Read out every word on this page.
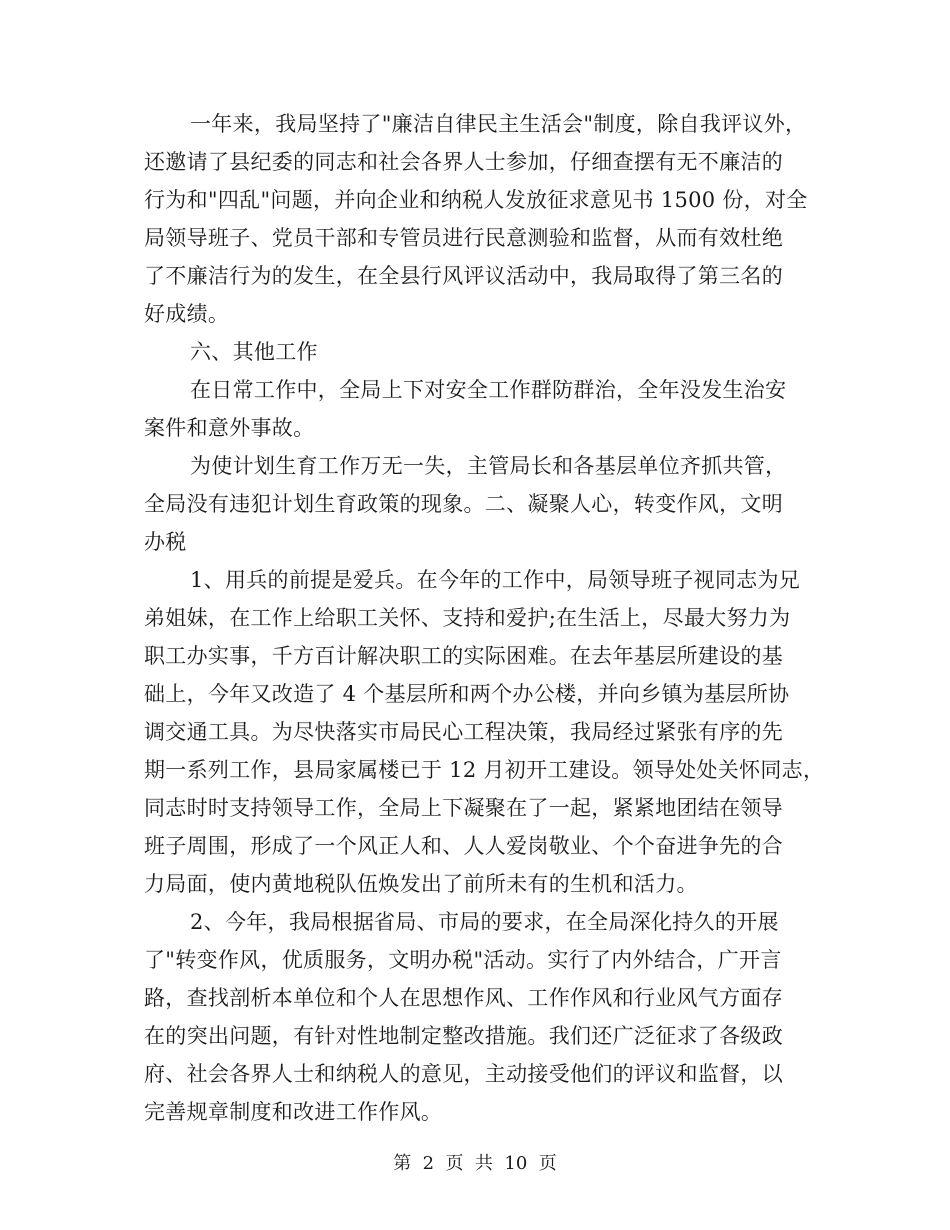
一年来，我局坚持了"廉洁自律民主生活会"制度，除自我评议外，
还邀请了县纪委的同志和社会各界人士参加，仔细查摆有无不廉洁的
行为和"四乱"问题，并向企业和纳税人发放征求意见书 1500 份，对全
局领导班子、党员干部和专管员进行民意测验和监督，从而有效杜绝
了不廉洁行为的发生，在全县行风评议活动中，我局取得了第三名的
好成绩。
六、其他工作
在日常工作中，全局上下对安全工作群防群治，全年没发生治安
案件和意外事故。
为使计划生育工作万无一失，主管局长和各基层单位齐抓共管，
全局没有违犯计划生育政策的现象。二、凝聚人心，转变作风，文明
办税
1、用兵的前提是爱兵。在今年的工作中，局领导班子视同志为兄
弟姐妹，在工作上给职工关怀、支持和爱护;在生活上，尽最大努力为
职工办实事，千方百计解决职工的实际困难。在去年基层所建设的基
础上，今年又改造了 4 个基层所和两个办公楼，并向乡镇为基层所协
调交通工具。为尽快落实市局民心工程决策，我局经过紧张有序的先
期一系列工作，县局家属楼已于 12 月初开工建设。领导处处关怀同志，
同志时时支持领导工作，全局上下凝聚在了一起，紧紧地团结在领导
班子周围，形成了一个风正人和、人人爱岗敬业、个个奋进争先的合
力局面，使内黄地税队伍焕发出了前所未有的生机和活力。
2、今年，我局根据省局、市局的要求，在全局深化持久的开展
了"转变作风，优质服务，文明办税"活动。实行了内外结合，广开言
路，查找剖析本单位和个人在思想作风、工作作风和行业风气方面存
在的突出问题，有针对性地制定整改措施。我们还广泛征求了各级政
府、社会各界人士和纳税人的意见，主动接受他们的评议和监督，以
完善规章制度和改进工作作风。
第  2  页  共  10  页
